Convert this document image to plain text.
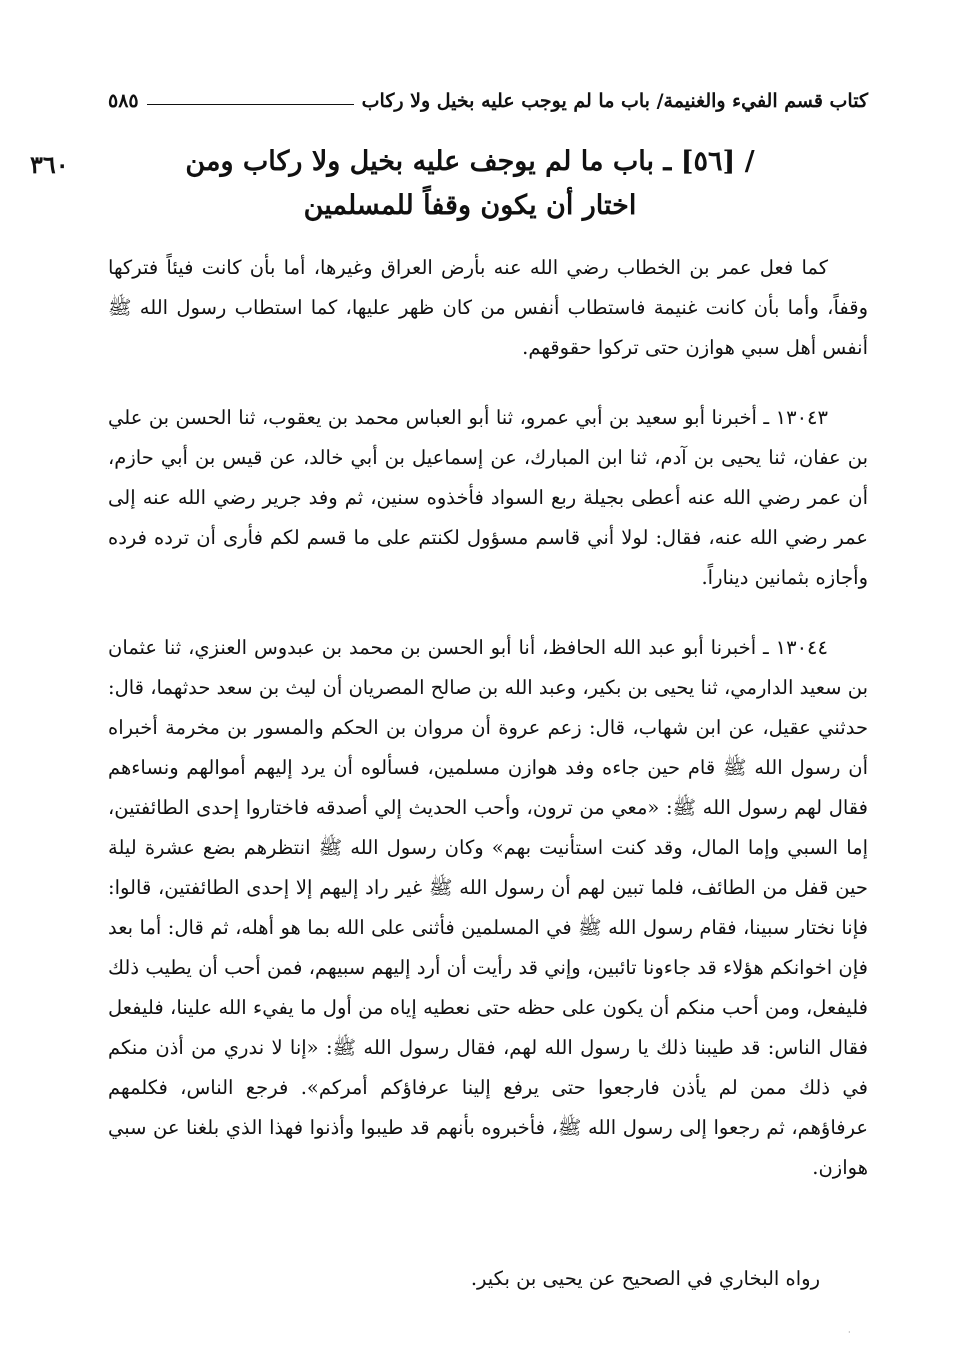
كتاب قسم الفيء والغنيمة/ باب ما لم يوجب عليه بخيل ولا ركاب
٥٨٥
٣٦٠	/ [٥٦] ـ باب ما لم يوجف عليه بخيل ولا ركاب ومن
اختار أن يكون وقفاً للمسلمين

كما فعل عمر بن الخطاب رضي الله عنه بأرض العراق وغيرها، أما بأن كانت فيئاً فتركها وقفاً، وأما بأن كانت غنيمة فاستطاب أنفس من كان ظهر عليها، كما استطاب رسول الله ﷺ أنفس أهل سبي هوازن حتى تركوا حقوقهم.

١٣٠٤٣ ـ أخبرنا أبو سعيد بن أبي عمرو، ثنا أبو العباس محمد بن يعقوب، ثنا الحسن بن علي بن عفان، ثنا يحيى بن آدم، ثنا ابن المبارك، عن إسماعيل بن أبي خالد، عن قيس بن أبي حازم، أن عمر رضي الله عنه أعطى بجيلة ربع السواد فأخذوه سنين، ثم وفد جرير رضي الله عنه إلى عمر رضي الله عنه، فقال: لولا أني قاسم مسؤول لكنتم على ما قسم لكم فأرى أن ترده فرده وأجازه بثمانين ديناراً.

١٣٠٤٤ ـ أخبرنا أبو عبد الله الحافظ، أنا أبو الحسن بن محمد بن عبدوس العنزي، ثنا عثمان بن سعيد الدارمي، ثنا يحيى بن بكير، وعبد الله بن صالح المصريان أن ليث بن سعد حدثهما، قال: حدثني عقيل، عن ابن شهاب، قال: زعم عروة أن مروان بن الحكم والمسور بن مخرمة أخبراه أن رسول الله ﷺ قام حين جاءه وفد هوازن مسلمين، فسألوه أن يرد إليهم أموالهم ونساءهم فقال لهم رسول الله ﷺ: «معي من ترون، وأحب الحديث إلي أصدقه فاختاروا إحدى الطائفتين، إما السبي وإما المال، وقد كنت استأنيت بهم» وكان رسول الله ﷺ انتظرهم بضع عشرة ليلة حين قفل من الطائف، فلما تبين لهم أن رسول الله ﷺ غير راد إليهم إلا إحدى الطائفتين، قالوا: فإنا نختار سبينا، فقام رسول الله ﷺ في المسلمين فأثنى على الله بما هو أهله، ثم قال: أما بعد فإن اخوانكم هؤلاء قد جاءونا تائبين، وإني قد رأيت أن أرد إليهم سبيهم، فمن أحب أن يطيب ذلك فليفعل، ومن أحب منكم أن يكون على حظه حتى نعطيه إياه من أول ما يفيء الله علينا، فليفعل فقال الناس: قد طيبنا ذلك يا رسول الله لهم، فقال رسول الله ﷺ: «إنا لا ندري من أذن منكم في ذلك ممن لم يأذن فارجعوا حتى يرفع إلينا عرفاؤكم أمركم». فرجع الناس، فكلمهم عرفاؤهم، ثم رجعوا إلى رسول الله ﷺ، فأخبروه بأنهم قد طيبوا وأذنوا فهذا الذي بلغنا عن سبي هوازن.

رواه البخاري في الصحيح عن يحيى بن بكير.
·
